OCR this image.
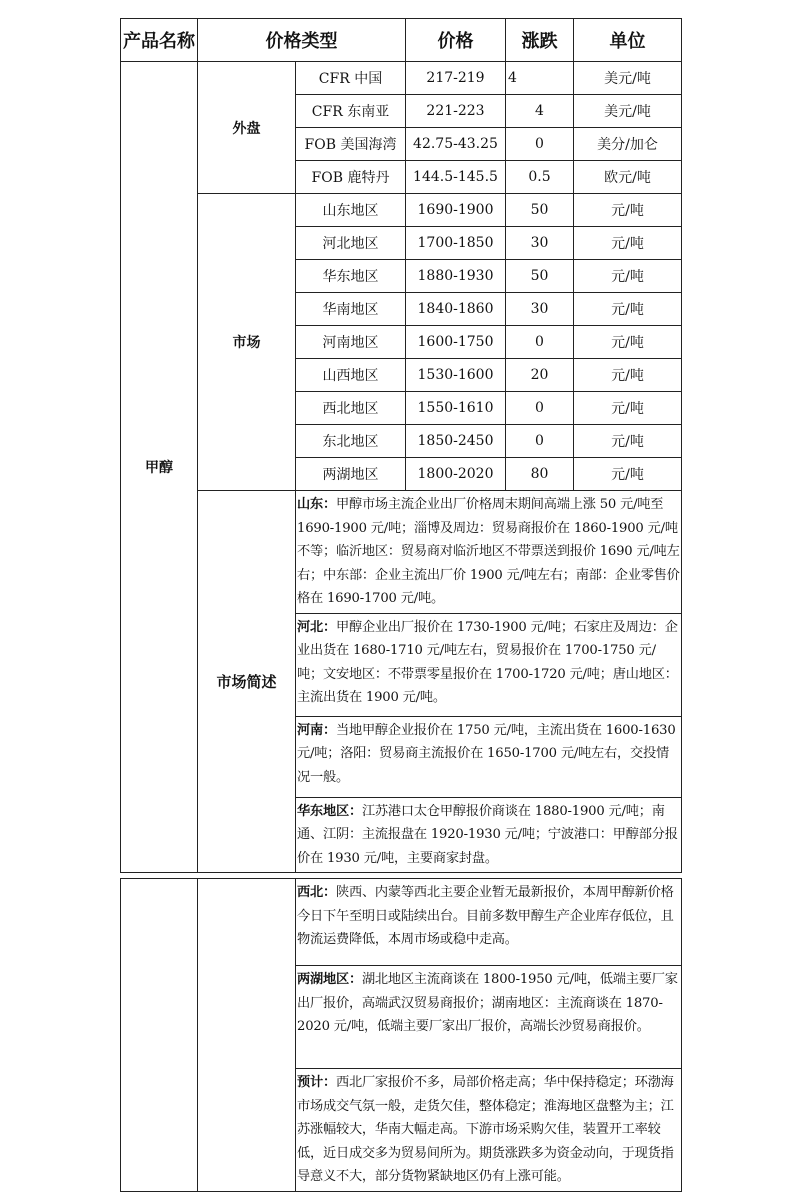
产品名称	价格类型		价格	涨跌	单位
甲醇	外盘	CFR 中国	217-219	4	美元/吨
		CFR 东南亚	221-223	4	美元/吨
		FOB 美国海湾	42.75-43.25	0	美分/加仑
		FOB 鹿特丹	144.5-145.5	0.5	欧元/吨
	市场	山东地区	1690-1900	50	元/吨
		河北地区	1700-1850	30	元/吨
		华东地区	1880-1930	50	元/吨
		华南地区	1840-1860	30	元/吨
		河南地区	1600-1750	0	元/吨
		山西地区	1530-1600	20	元/吨
		西北地区	1550-1610	0	元/吨
		东北地区	1850-2450	0	元/吨
		两湖地区	1800-2020	80	元/吨
	市场简述	山东：甲醇市场主流企业出厂价格周末期间高端上涨 50 元/吨至 1690-1900 元/吨；淄博及周边：贸易商报价在 1860-1900 元/吨不等；临沂地区：贸易商对临沂地区不带票送到报价 1690 元/吨左右；中东部：企业主流出厂价 1900 元/吨左右；南部：企业零售价格在 1690-1700 元/吨。			
		河北：甲醇企业出厂报价在 1730-1900 元/吨；石家庄及周边：企业出货在 1680-1710 元/吨左右，贸易报价在 1700-1750 元/吨；文安地区：不带票零星报价在 1700-1720 元/吨；唐山地区：主流出货在 1900 元/吨。			
		河南：当地甲醇企业报价在 1750 元/吨，主流出货在 1600-1630 元/吨；洛阳：贸易商主流报价在 1650-1700 元/吨左右，交投情况一般。			
		华东地区：江苏港口太仓甲醇报价商谈在 1880-1900 元/吨；南通、江阴：主流报盘在 1920-1930 元/吨；宁波港口：甲醇部分报价在 1930 元/吨，主要商家封盘。			
		西北：陕西、内蒙等西北主要企业暂无最新报价，本周甲醇新价格今日下午至明日或陆续出台。目前多数甲醇生产企业库存低位，且物流运费降低，本周市场或稳中走高。
两湖地区：湖北地区主流商谈在 1800-1950 元/吨，低端主要厂家出厂报价，高端武汉贸易商报价；湖南地区：主流商谈在 1870-2020 元/吨，低端主要厂家出厂报价，高端长沙贸易商报价。
预计：西北厂家报价不多，局部价格走高；华中保持稳定；环渤海市场成交气氛一般，走货欠佳，整体稳定；淮海地区盘整为主；江苏涨幅较大，华南大幅走高。下游市场采购欠佳，装置开工率较低，近日成交多为贸易间所为。期货涨跌多为资金动向，于现货指导意义不大，部分货物紧缺地区仍有上涨可能。
